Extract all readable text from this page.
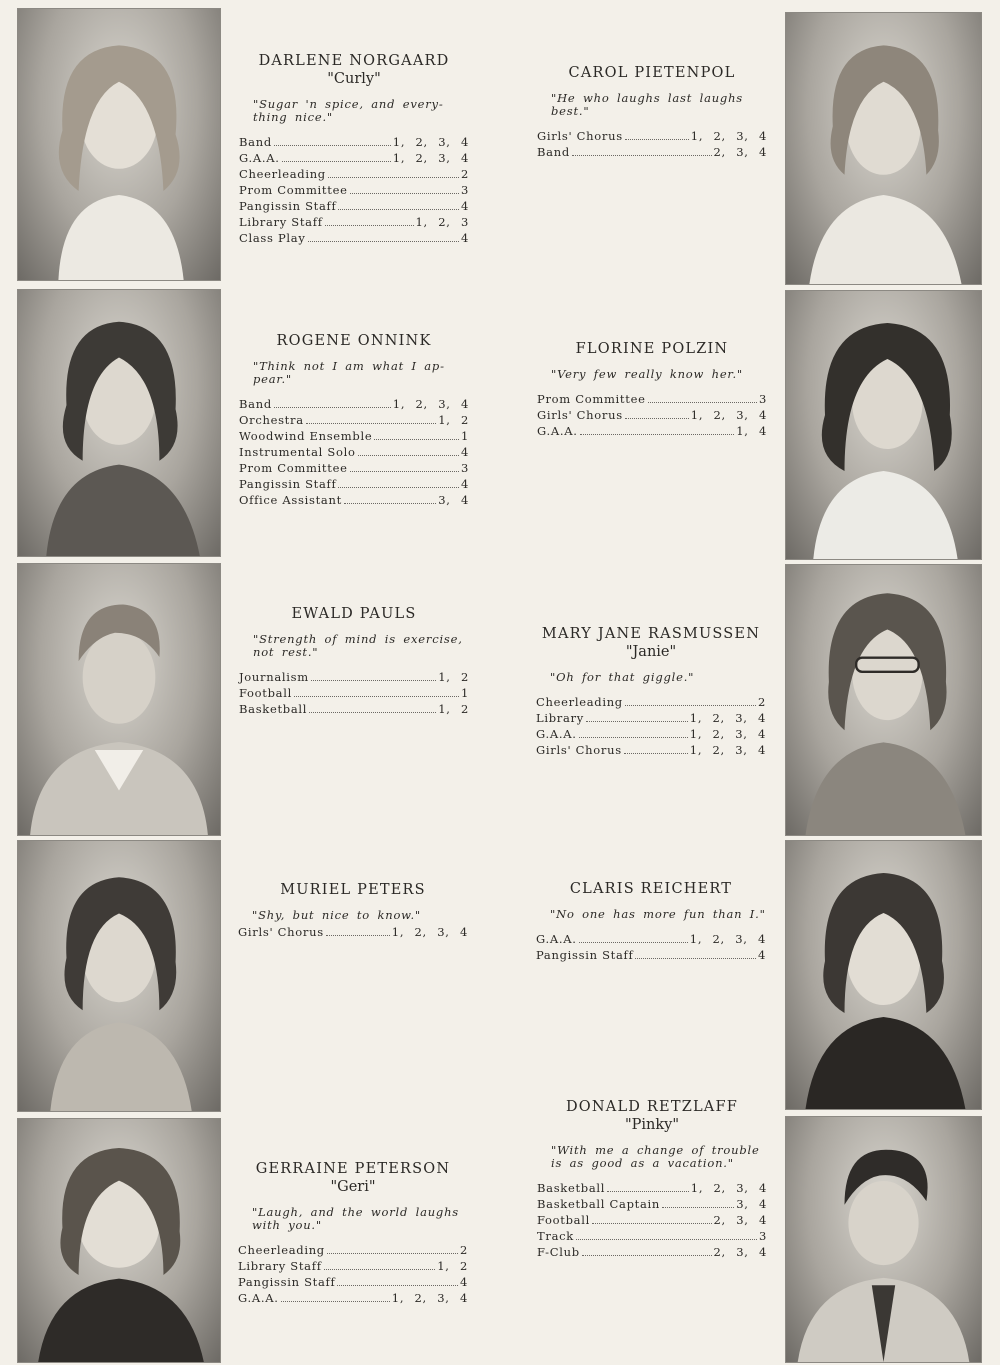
DARLENE NORGAARD

"Curly"

"Sugar 'n spice, and every-thing nice."

Band	1, 2, 3, 4
G.A.A.	1, 2, 3, 4
Cheerleading	2
Prom Committee	3
Pangissin Staff	4
Library Staff	1, 2, 3
Class Play	4

CAROL PIETENPOL

"He who laughs last laughs best."

Girls' Chorus	1, 2, 3, 4
Band	2, 3, 4

ROGENE ONNINK

"Think not I am what I ap-pear."

Band	1, 2, 3, 4
Orchestra	1, 2
Woodwind Ensemble	1
Instrumental Solo	4
Prom Committee	3
Pangissin Staff	4
Office Assistant	3, 4

FLORINE POLZIN

"Very few really know her."

Prom Committee	3
Girls' Chorus	1, 2, 3, 4
G.A.A.	1, 4

EWALD PAULS

"Strength of mind is exercise, not rest."

Journalism	1, 2
Football	1
Basketball	1, 2

MARY JANE RASMUSSEN

"Janie"

"Oh for that giggle."

Cheerleading	2
Library	1, 2, 3, 4
G.A.A.	1, 2, 3, 4
Girls' Chorus	1, 2, 3, 4

MURIEL PETERS

"Shy, but nice to know."

Girls' Chorus	1, 2, 3, 4

CLARIS REICHERT

"No one has more fun than I."

G.A.A.	1, 2, 3, 4
Pangissin Staff	4

GERRAINE PETERSON

"Geri"

"Laugh, and the world laughs with you."

Cheerleading	2
Library Staff	1, 2
Pangissin Staff	4
G.A.A.	1, 2, 3, 4

DONALD RETZLAFF

"Pinky"

"With me a change of trouble is as good as a vacation."

Basketball	1, 2, 3, 4
Basketball Captain	3, 4
Football	2, 3, 4
Track	3
F-Club	2, 3, 4
